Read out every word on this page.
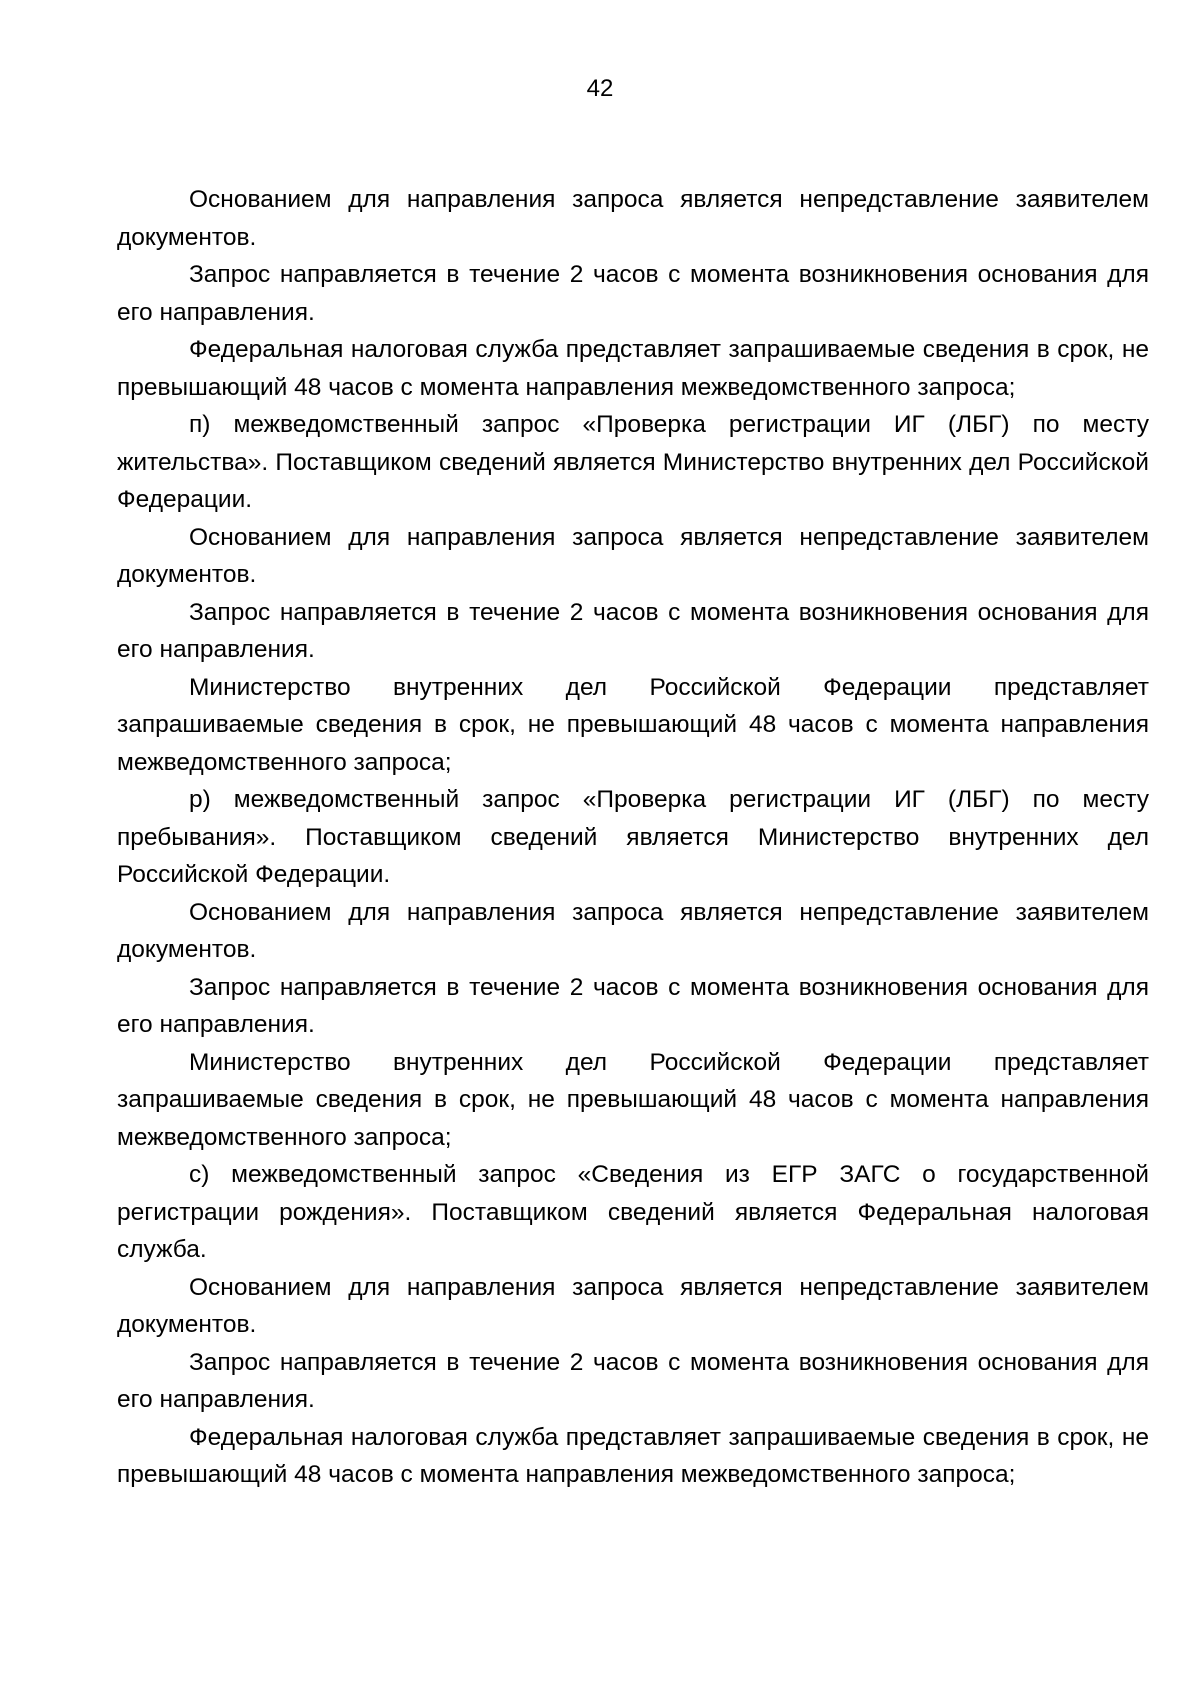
42

Основанием для направления запроса является непредставление заявителем документов.

Запрос направляется в течение 2 часов с момента возникновения основания для его направления.

Федеральная налоговая служба представляет запрашиваемые сведения в срок, не превышающий 48 часов с момента направления межведомственного запроса;

п) межведомственный запрос «Проверка регистрации ИГ (ЛБГ) по месту жительства». Поставщиком сведений является Министерство внутренних дел Российской Федерации.

Основанием для направления запроса является непредставление заявителем документов.

Запрос направляется в течение 2 часов с момента возникновения основания для его направления.

Министерство внутренних дел Российской Федерации представляет запрашиваемые сведения в срок, не превышающий 48 часов с момента направления межведомственного запроса;

р) межведомственный запрос «Проверка регистрации ИГ (ЛБГ) по месту пребывания». Поставщиком сведений является Министерство внутренних дел Российской Федерации.

Основанием для направления запроса является непредставление заявителем документов.

Запрос направляется в течение 2 часов с момента возникновения основания для его направления.

Министерство внутренних дел Российской Федерации представляет запрашиваемые сведения в срок, не превышающий 48 часов с момента направления межведомственного запроса;

с) межведомственный запрос «Сведения из ЕГР ЗАГС о государственной регистрации рождения». Поставщиком сведений является Федеральная налоговая служба.

Основанием для направления запроса является непредставление заявителем документов.

Запрос направляется в течение 2 часов с момента возникновения основания для его направления.

Федеральная налоговая служба представляет запрашиваемые сведения в срок, не превышающий 48 часов с момента направления межведомственного запроса;
